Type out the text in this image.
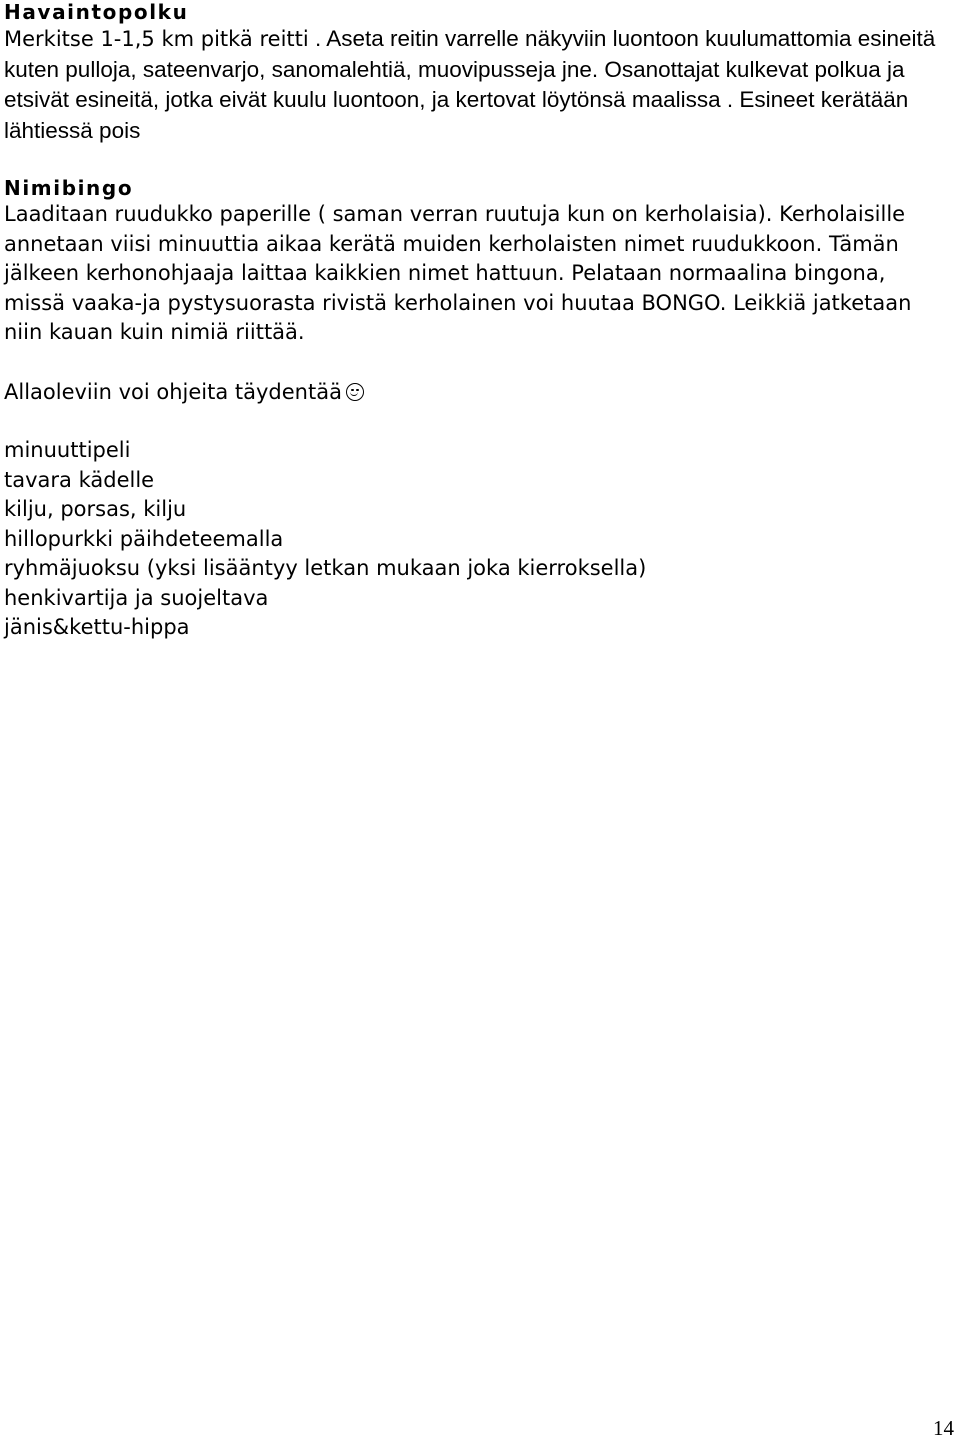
Havaintopolku

Merkitse 1-1,5 km pitkä reitti . Aseta reitin varrelle näkyviin luontoon kuulumattomia esineitä kuten pulloja, sateenvarjo, sanomalehtiä, muovipusseja jne. Osanottajat kulkevat polkua ja etsivät esineitä, jotka eivät kuulu luontoon, ja kertovat löytönsä maalissa . Esineet kerätään lähtiessä pois

Nimibingo

Laaditaan ruudukko paperille ( saman verran ruutuja kun on kerholaisia). Kerholaisille annetaan viisi minuuttia aikaa kerätä muiden kerholaisten nimet ruudukkoon. Tämän jälkeen kerhonohjaaja laittaa kaikkien nimet hattuun. Pelataan normaalina bingona, missä vaaka-ja pystysuorasta rivistä kerholainen voi huutaa BONGO. Leikkiä jatketaan niin kauan kuin nimiä riittää.

Allaoleviin voi ohjeita täydentää

minuuttipeli
tavara kädelle
kilju, porsas, kilju
hillopurkki päihdeteemalla
ryhmäjuoksu (yksi lisääntyy letkan mukaan joka kierroksella)
henkivartija ja suojeltava
jänis&kettu-hippa
14
